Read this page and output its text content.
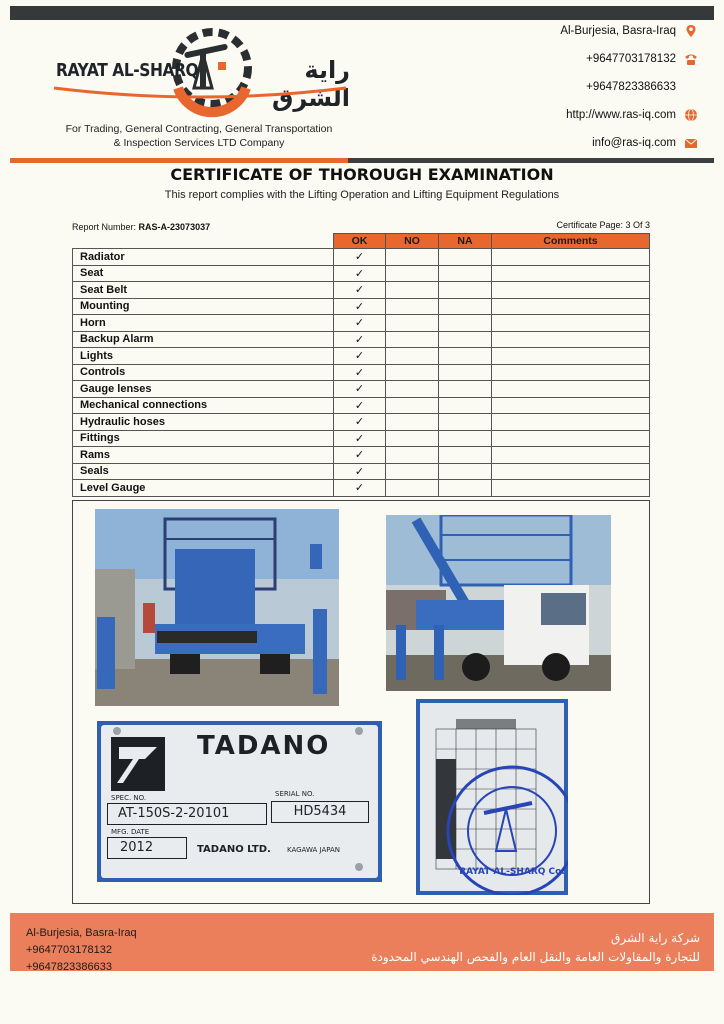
RAYAT AL-SHARQ	راية الشرق
For Trading, General Contracting, General Transportation
& Inspection Services LTD Company
Al-Burjesia, Basra-Iraq
+9647703178132
+9647823386633
http://www.ras-iq.com
info@ras-iq.com
CERTIFICATE OF THOROUGH EXAMINATION
This report complies with the Lifting Operation and Lifting Equipment Regulations
Report Number: RAS-A-23073037	Certificate Page: 3 Of 3
	OK	NO	NA	Comments
Radiator	✓			
Seat	✓			
Seat Belt	✓			
Mounting	✓			
Horn	✓			
Backup Alarm	✓			
Lights	✓			
Controls	✓			
Gauge lenses	✓			
Mechanical connections	✓			
Hydraulic hoses	✓			
Fittings	✓			
Rams	✓			
Seals	✓			
Level Gauge	✓			
TADANO
SPEC. NO.	SERIAL NO.
AT-150S-2-20101	HD5434
MFG. DATE
2012	TADANO LTD. KAGAWA JAPAN
RAYAT AL-SHARQ Co.
Al-Burjesia, Basra-Iraq
+9647703178132
+9647823386633
شركة راية الشرق
للتجارة والمقاولات العامة والنقل العام والفحص الهندسي المحدودة
